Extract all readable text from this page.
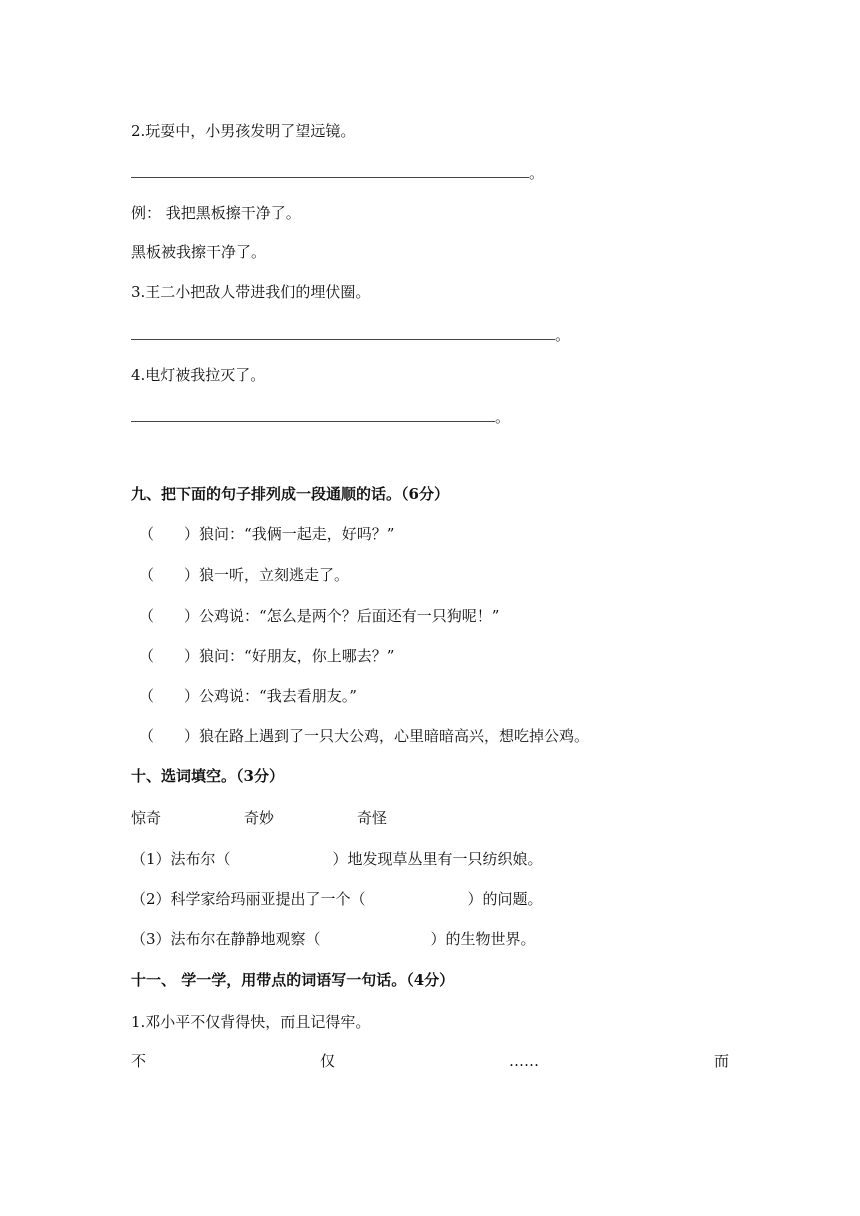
2.玩耍中，小男孩发明了望远镜。
。
例： 我把黑板擦干净了。
黑板被我擦干净了。
3.王二小把敌人带进我们的埋伏圈。
。
4.电灯被我拉灭了。
。
九、把下面的句子排列成一段通顺的话。（6分）
（ ）狼问：“我俩一起走，好吗？”
（ ）狼一听，立刻逃走了。
（ ）公鸡说：“怎么是两个？后面还有一只狗呢！”
（ ）狼问：“好朋友，你上哪去？”
（ ）公鸡说：“我去看朋友。”
（ ）狼在路上遇到了一只大公鸡，心里暗暗高兴，想吃掉公鸡。
十、选词填空。（3分）
惊奇	奇妙	奇怪
（1）法布尔（	）地发现草丛里有一只纺织娘。
（2）科学家给玛丽亚提出了一个（	）的问题。
（3）法布尔在静静地观察（	）的生物世界。
十一、 学一学，用带点的词语写一句话。（4分）
1.邓小平不仅背得快，而且记得牢。
不	仅	……	而
